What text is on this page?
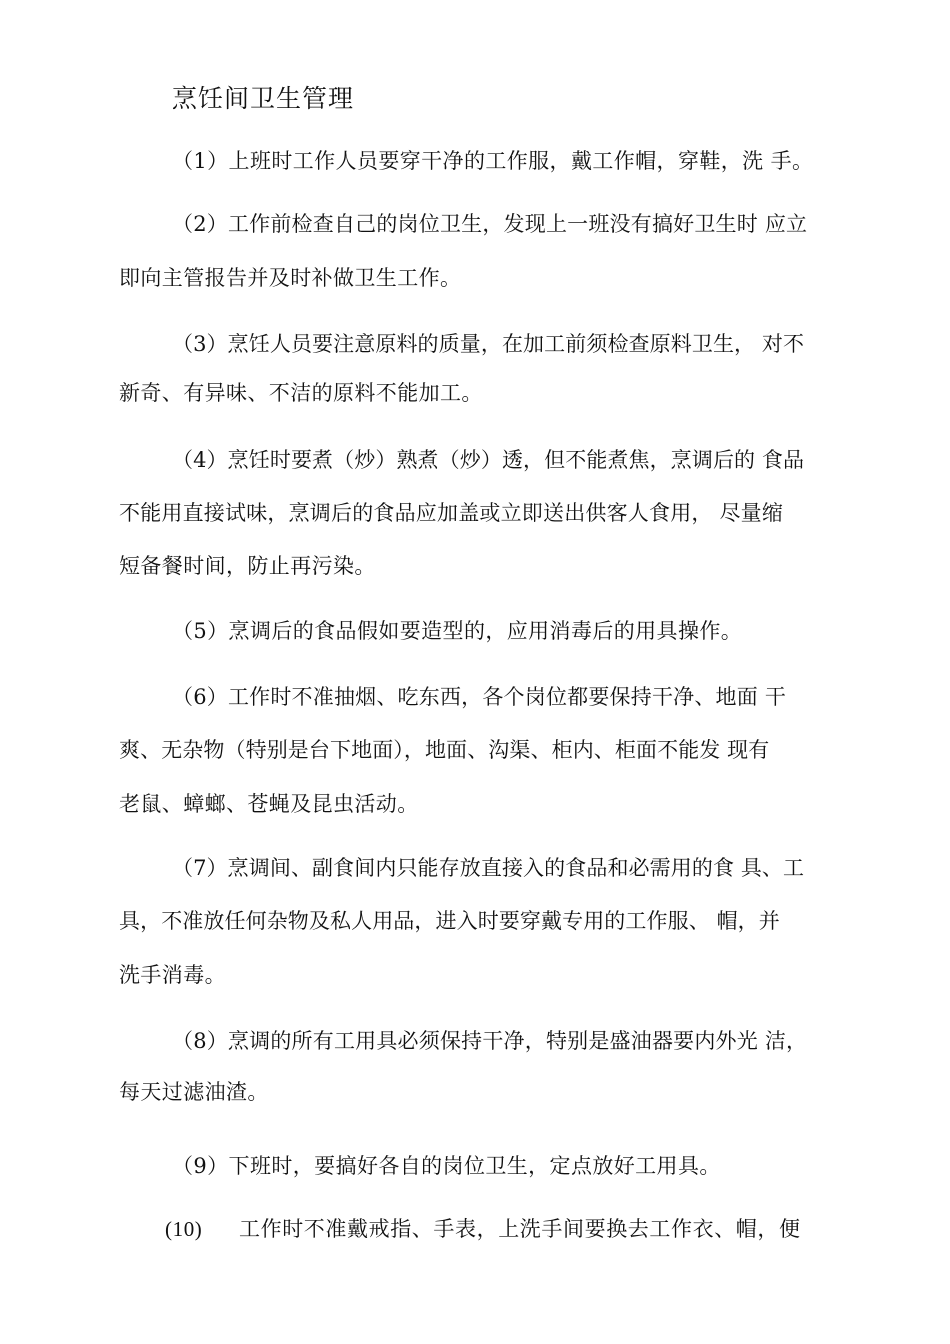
烹饪间卫生管理
（1）上班时工作人员要穿干净的工作服，戴工作帽，穿鞋，洗 手。
（2）工作前检查自己的岗位卫生，发现上一班没有搞好卫生时 应立
即向主管报告并及时补做卫生工作。
（3）烹饪人员要注意原料的质量，在加工前须检查原料卫生， 对不
新奇、有异味、不洁的原料不能加工。
（4）烹饪时要煮（炒）熟煮（炒）透，但不能煮焦，烹调后的 食品
不能用直接试味，烹调后的食品应加盖或立即送出供客人食用， 尽量缩
短备餐时间，防止再污染。
（5）烹调后的食品假如要造型的，应用消毒后的用具操作。
（6）工作时不准抽烟、吃东西，各个岗位都要保持干净、地面 干
爽、无杂物（特别是台下地面），地面、沟渠、柜内、柜面不能发 现有
老鼠、蟑螂、苍蝇及昆虫活动。
（7）烹调间、副食间内只能存放直接入的食品和必需用的食 具、工
具，不准放任何杂物及私人用品，进入时要穿戴专用的工作服、 帽，并
洗手消毒。
（8）烹调的所有工用具必须保持干净，特别是盛油器要内外光 洁，
每天过滤油渣。
（9）下班时，要搞好各自的岗位卫生，定点放好工用具。
(10) 工作时不准戴戒指、手表，上洗手间要换去工作衣、帽，便
